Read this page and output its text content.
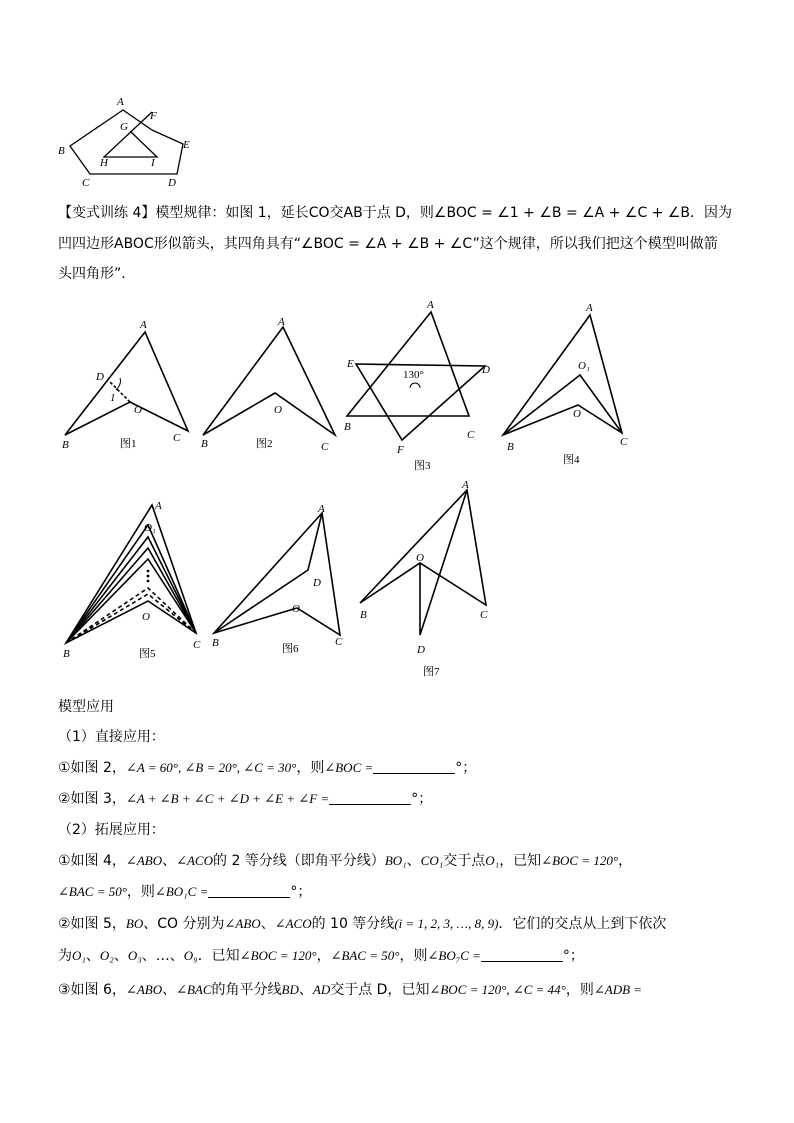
A
F
G
B	E
H	I
C	D
【变式训练 4】模型规律：如图 1，延长CO交AB于点 D，则∠BOC = ∠1 + ∠B = ∠A + ∠C + ∠B．因为
凹四边形ABOC形似箭头，其四角具有“∠BOC = ∠A + ∠B + ∠C”这个规律，所以我们把这个模型叫做箭
头四角形”.
A
D
1
O
B
C
图1
A
O
B	C
图2
A
E	D
130°
B
C
F
图3
A
O₁
O
B	C
图4
A
O₁
O
B
C
图5
A
D
O
B	C
图6
A
O
B	C
D
图7
模型应用
（1）直接应用：
①如图 2，∠A = 60°, ∠B = 20°, ∠C = 30°，则∠BOC =	°；
②如图 3，∠A + ∠B + ∠C + ∠D + ∠E + ∠F =	°；
（2）拓展应用：
①如图 4，∠ABO、∠ACO的 2 等分线（即角平分线）BO₁、CO₁交于点O₁，已知∠BOC = 120°，
∠BAC = 50°，则∠BO₁C =	°；
②如图 5，BO、CO 分别为∠ABO、∠ACO的 10 等分线(i = 1, 2, 3, …, 8, 9)．它们的交点从上到下依次
为O₁、O₂、O₃、…、O₉．已知∠BOC = 120°，∠BAC = 50°，则∠BO₇C =	°；
③如图 6，∠ABO、∠BAC的角平分线BD、AD交于点 D，已知∠BOC = 120°, ∠C = 44°，则∠ADB =
